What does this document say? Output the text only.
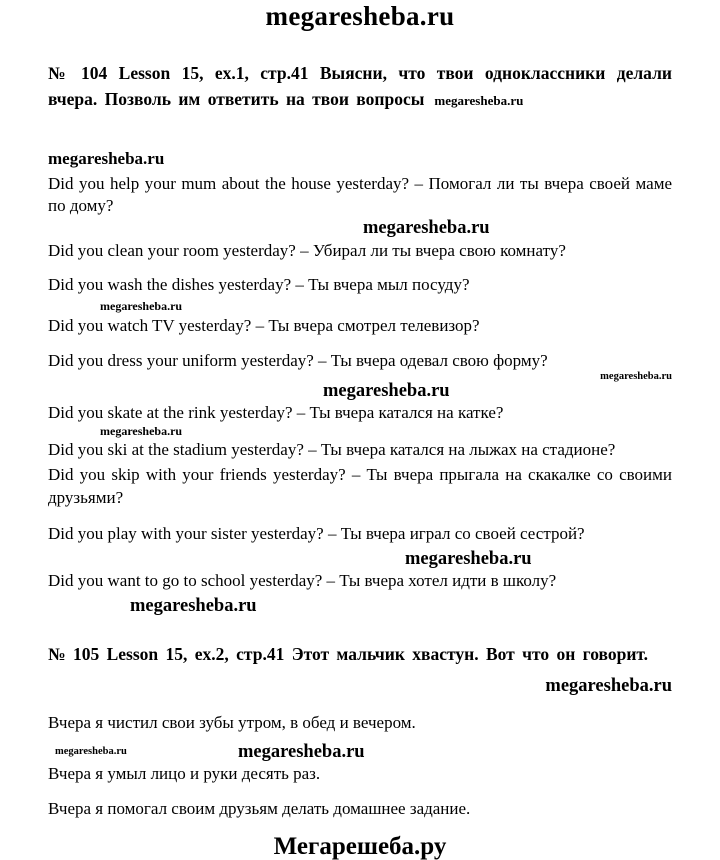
megaresheba.ru

№ 104 Lesson 15, ex.1, стр.41 Выясни, что твои одноклассники делали вчера. Позволь им ответить на твои вопросы megaresheba.ru

megaresheba.ru

Did you help your mum about the house yesterday? – Помогал ли ты вчера своей маме по дому?

megaresheba.ru

Did you clean your room yesterday? – Убирал ли ты вчера свою комнату?

Did you wash the dishes yesterday? – Ты вчера мыл посуду?

megaresheba.ru

Did you watch TV yesterday? – Ты вчера смотрел телевизор?

Did you dress your uniform yesterday? – Ты вчера одевал свою форму?

megaresheba.ru
megaresheba.ru

Did you skate at the rink yesterday? – Ты вчера катался на катке?

megaresheba.ru

Did you ski at the stadium yesterday? – Ты вчера катался на лыжах на стадионе?

Did you skip with your friends yesterday? – Ты вчера прыгала на скакалке со своими друзьями?

Did you play with your sister yesterday? – Ты вчера играл со своей сестрой?

megaresheba.ru

Did you want to go to school yesterday? – Ты вчера хотел идти в школу?

megaresheba.ru

№ 105 Lesson 15, ex.2, стр.41 Этот мальчик хвастун. Вот что он говорит.

megaresheba.ru

Вчера я чистил свои зубы утром, в обед и вечером.

megaresheba.ru	megaresheba.ru

Вчера я умыл лицо и руки десять раз.

Вчера я помогал своим друзьям делать домашнее задание.

Мегарешеба.ру
